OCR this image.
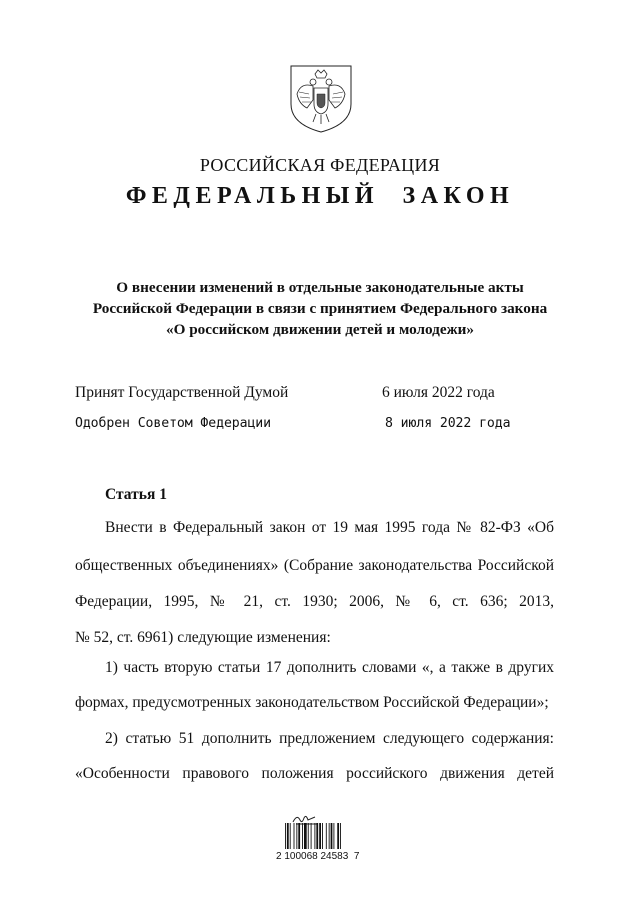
РОССИЙСКАЯ ФЕДЕРАЦИЯ
ФЕДЕРАЛЬНЫЙ ЗАКОН
О внесении изменений в отдельные законодательные акты
Российской Федерации в связи с принятием Федерального закона
«О российском движении детей и молодежи»
Принят Государственной Думой	6 июля 2022 года
Одобрен Советом Федерации	8 июля 2022 года
Статья 1
Внести в Федеральный закон от 19 мая 1995 года № 82-ФЗ «Об
общественных объединениях» (Собрание законодательства Российской
Федерации, 1995, № 21, ст. 1930; 2006, № 6, ст. 636; 2013,
№ 52, ст. 6961) следующие изменения:
1) часть вторую статьи 17 дополнить словами «, а также в других
формах, предусмотренных законодательством Российской Федерации»;
2) статью 51 дополнить предложением следующего содержания:
«Особенности правового положения российского движения детей
2 100068 24583  7
